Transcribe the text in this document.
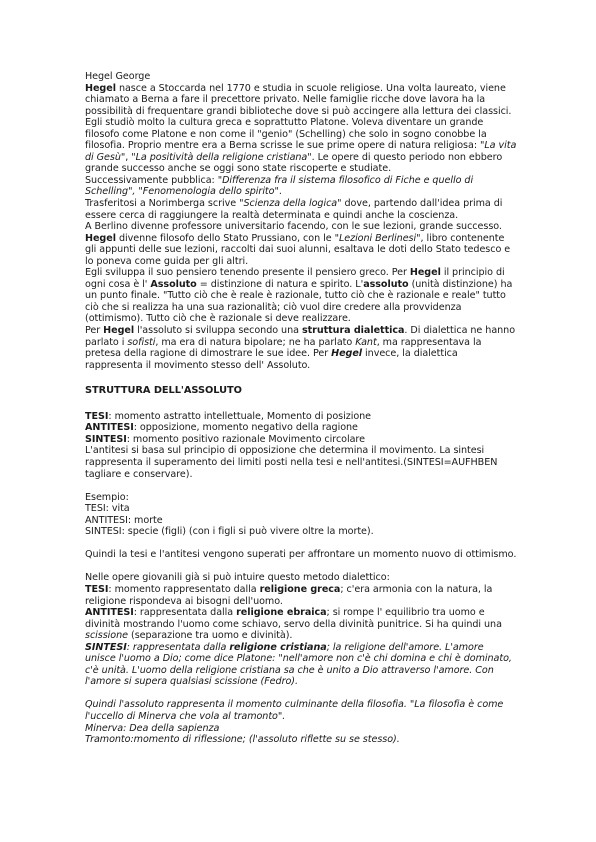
Hegel George

Hegel nasce a Stoccarda nel 1770 e studia in scuole religiose. Una volta laureato, viene chiamato a Berna a fare il precettore privato. Nelle famiglie ricche dove lavora ha la possibilità di frequentare grandi biblioteche dove si può accingere alla lettura dei classici. Egli studiò molto la cultura greca e soprattutto Platone. Voleva diventare un grande filosofo come Platone e non come il "genio" (Schelling) che solo in sogno conobbe la filosofia. Proprio mentre era a Berna scrisse le sue prime opere di natura religiosa: "La vita di Gesù", "La positività della religione cristiana". Le opere di questo periodo non ebbero grande successo anche se oggi sono state riscoperte e studiate.

Successivamente pubblica: "Differenza fra il sistema filosofico di Fiche e quello di Schelling", "Fenomenologia dello spirito".

Trasferitosi a Norimberga scrive "Scienza della logica" dove, partendo dall'idea prima di essere cerca di raggiungere la realtà determinata e quindi anche la coscienza.

A Berlino divenne professore universitario facendo, con le sue lezioni, grande successo. Hegel divenne filosofo dello Stato Prussiano, con le "Lezioni Berlinesi", libro contenente gli appunti delle sue lezioni, raccolti dai suoi alunni, esaltava le doti dello Stato tedesco e lo poneva come guida per gli altri.

Egli sviluppa il suo pensiero tenendo presente il pensiero greco. Per Hegel il principio di ogni cosa è l' Assoluto = distinzione di natura e spirito. L'assoluto (unità distinzione) ha un punto finale. "Tutto ciò che è reale è razionale, tutto ciò che è razionale e reale" tutto ciò che si realizza ha una sua razionalità; ciò vuol dire credere alla provvidenza (ottimismo). Tutto ciò che è razionale si deve realizzare.

Per Hegel l'assoluto si sviluppa secondo una struttura dialettica. Di dialettica ne hanno parlato i sofisti, ma era di natura bipolare; ne ha parlato Kant, ma rappresentava la pretesa della ragione di dimostrare le sue idee. Per Hegel invece, la dialettica rappresenta il movimento stesso dell' Assoluto.

STRUTTURA DELL'ASSOLUTO

TESI: momento astratto intellettuale, Momento di posizione

ANTITESI: opposizione, momento negativo della ragione

SINTESI: momento positivo razionale Movimento circolare

L'antitesi si basa sul principio di opposizione che determina il movimento. La sintesi rappresenta il superamento dei limiti posti nella tesi e nell'antitesi.(SINTESI=AUFHBEN tagliare e conservare).

Esempio:

TESI: vita

ANTITESI: morte

SINTESI: specie (figli) (con i figli si può vivere oltre la morte).

Quindi la tesi e l'antitesi vengono superati per affrontare un momento nuovo di ottimismo.

Nelle opere giovanili già si può intuire questo metodo dialettico:

TESI: momento rappresentato dalla religione greca; c'era armonia con la natura, la religione rispondeva ai bisogni dell'uomo.

ANTITESI: rappresentata dalla religione ebraica; si rompe l' equilibrio tra uomo e divinità mostrando l'uomo come schiavo, servo della divinità punitrice. Si ha quindi una scissione (separazione tra uomo e divinità).

SINTESI: rappresentata dalla religione cristiana; la religione dell'amore. L'amore unisce l'uomo a Dio; come dice Platone: "nell'amore non c'è chi domina e chi è dominato, c'è unità. L'uomo della religione cristiana sa che è unito a Dio attraverso l'amore. Con l'amore si supera qualsiasi scissione (Fedro).

Quindi l'assoluto rappresenta il momento culminante della filosofia. "La filosofia è come l'uccello di Minerva che vola al tramonto".

Minerva: Dea della sapienza

Tramonto:momento di riflessione; (l'assoluto riflette su se stesso).
